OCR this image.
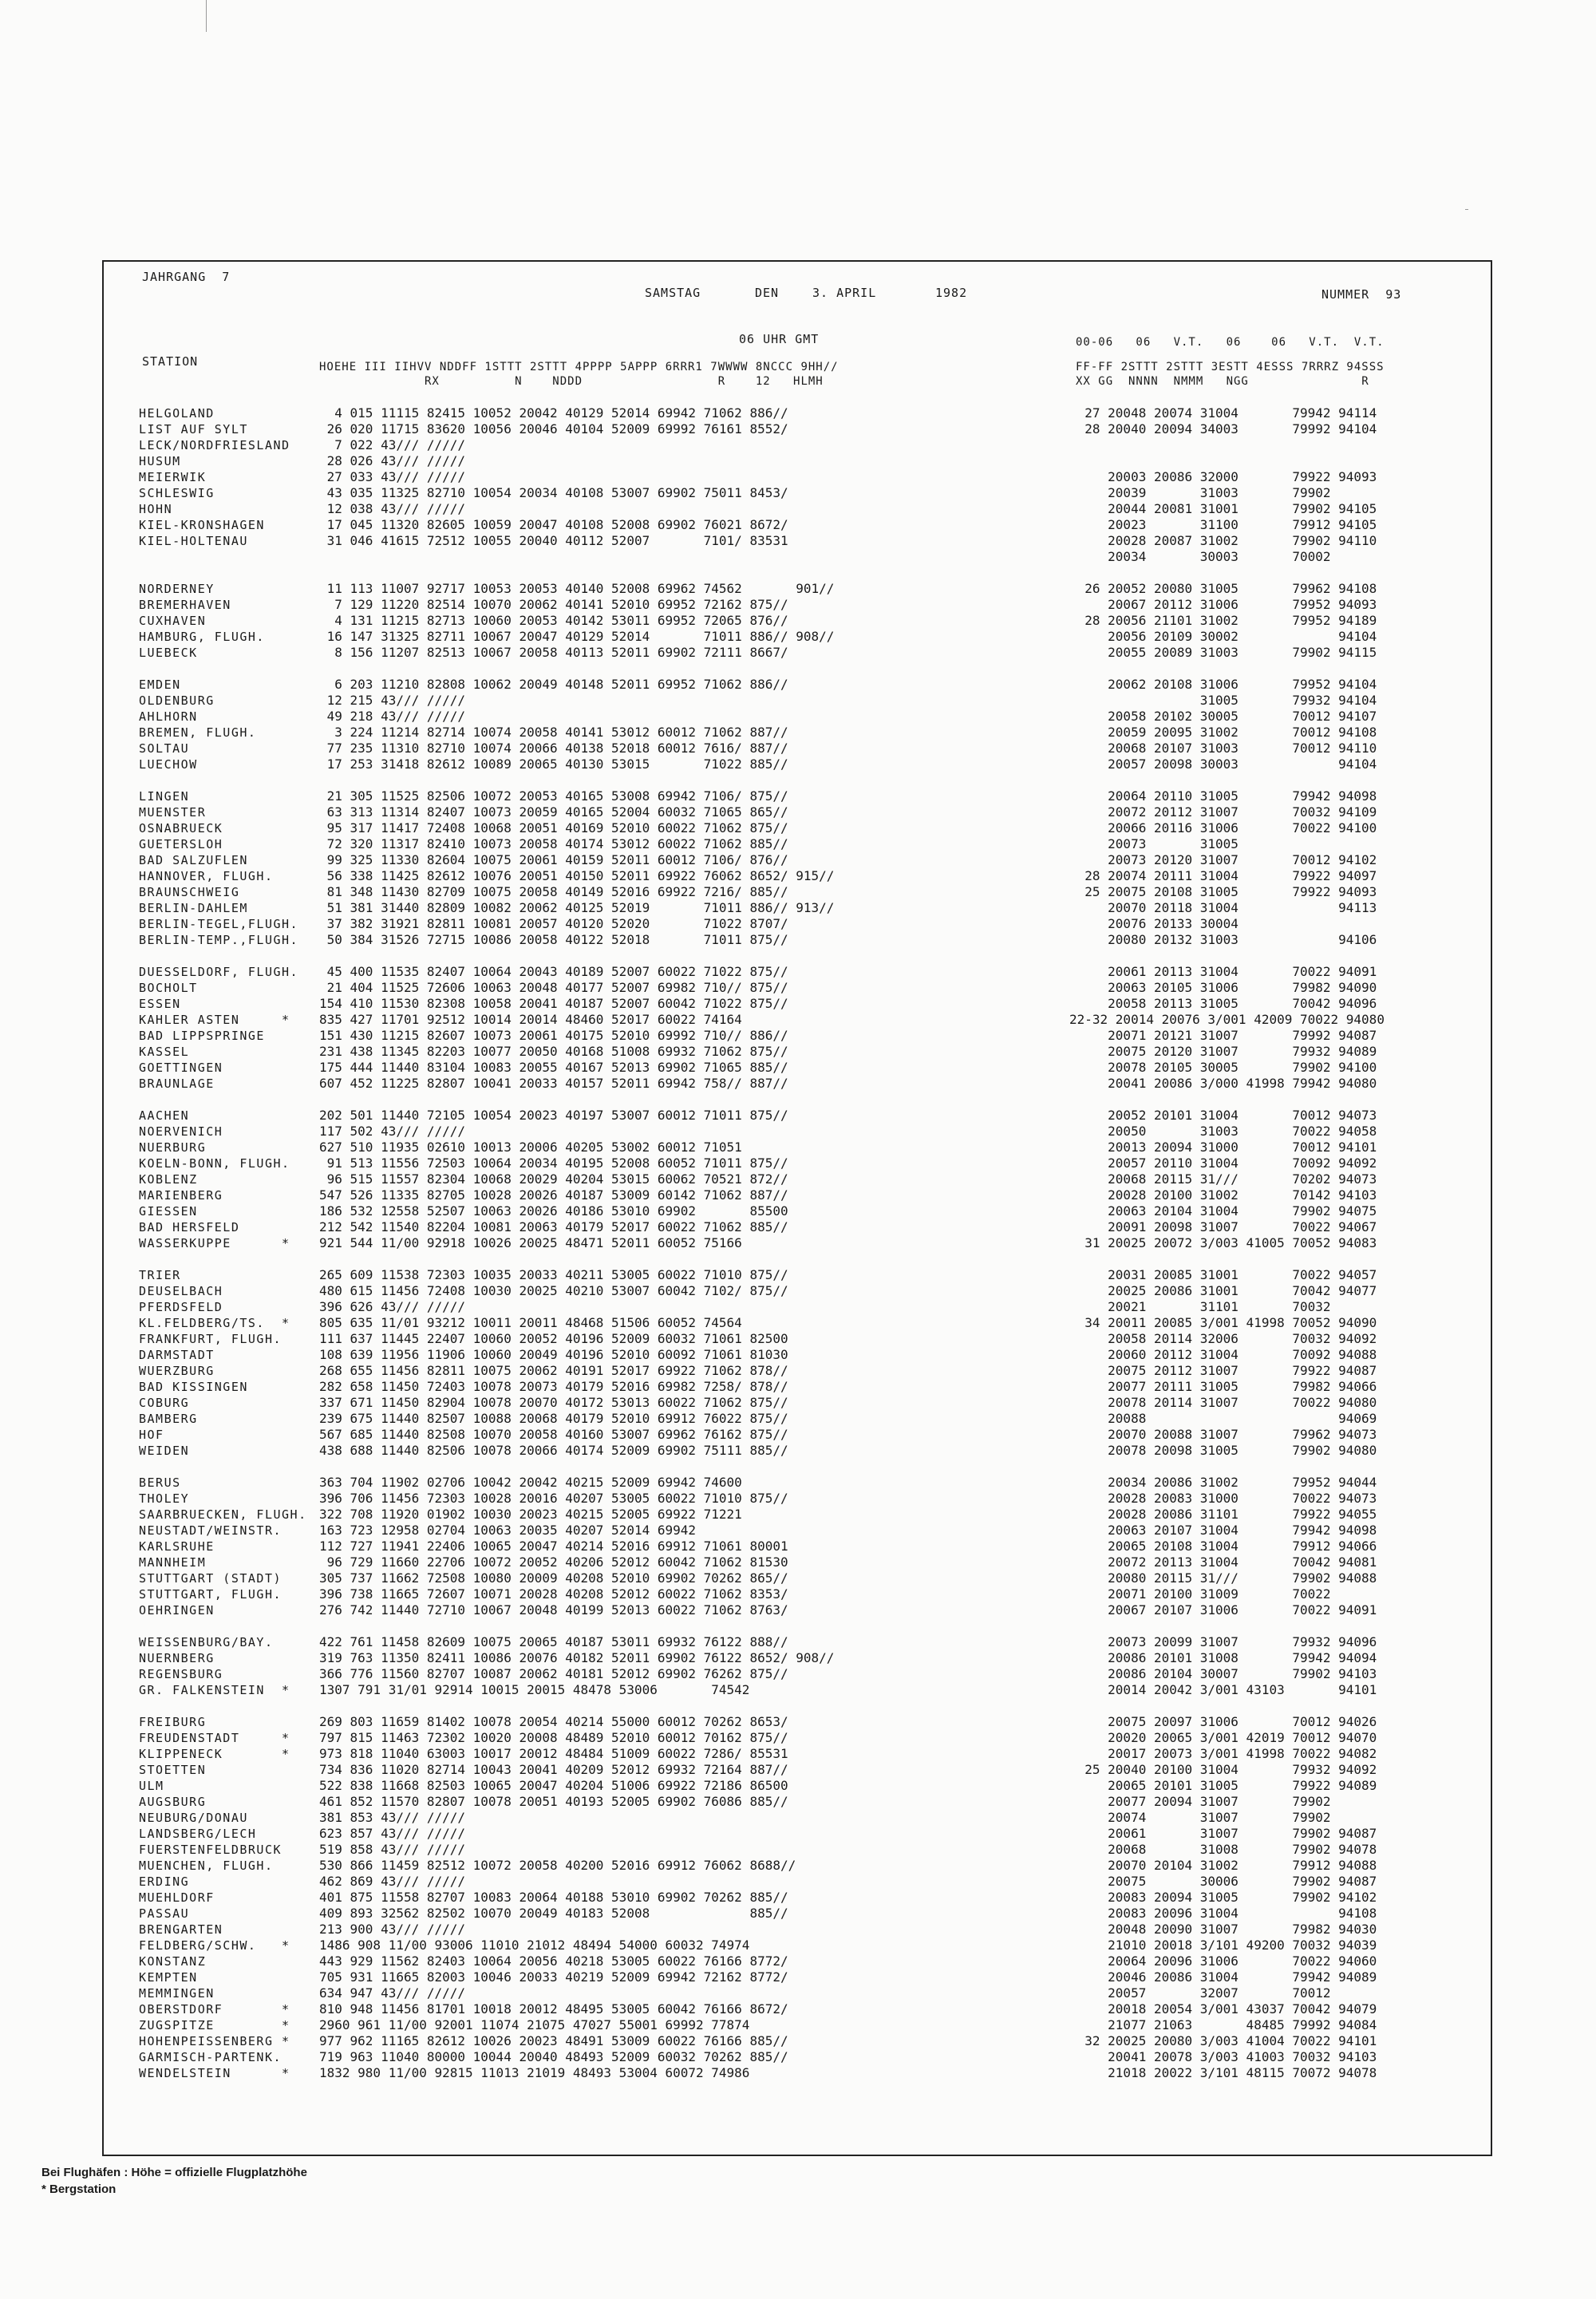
JAHRGANG  7
SAMSTAG	DEN	3. APRIL	1982	NUMMER  93
06 UHR GMT	00-06   06   V.T.   06    06   V.T.  V.T.
STATION	HOEHE III IIHVV NDDFF 1STTT 2STTT 4PPPP 5APPP 6RRR1 7WWWW 8NCCC 9HH//
RX          N    NDDD                  R    12   HLMH
FF-FF 2STTT 2STTT 3ESTT 4ESSS 7RRRZ 94SSS
XX GG  NNNN  NMMM   NGG               R
HELGOLAND	4 015 11115 82415 10052 20042 40129 52014 69942 71062 886//	27 20048 20074 31004       79942 94114
LIST AUF SYLT	26 020 11715 83620 10056 20046 40104 52009 69992 76161 8552/	28 20040 20094 34003       79992 94104
LECK/NORDFRIESLAND 7 022 43/// /////
HUSUM	28 026 43/// /////
MEIERWIK	27 033 43/// /////	20003 20086 32000       79922 94093
SCHLESWIG	43 035 11325 82710 10054 20034 40108 53007 69902 75011 8453/	20039       31003       79902
HOHN	12 038 43/// /////	20044 20081 31001       79902 94105
KIEL-KRONSHAGEN	17 045 11320 82605 10059 20047 40108 52008 69902 76021 8672/	20023       31100       79912 94105
KIEL-HOLTENAU	31 046 41615 72512 10055 20040 40112 52007       7101/ 83531	20028 20087 31002       79902 94110
20034       30003       70002
NORDERNEY	11 113 11007 92717 10053 20053 40140 52008 69962 74562       901//	26 20052 20080 31005       79962 94108
BREMERHAVEN	7 129 11220 82514 10070 20062 40141 52010 69952 72162 875//	20067 20112 31006       79952 94093
CUXHAVEN	4 131 11215 82713 10060 20053 40142 53011 69952 72065 876//	28 20056 21101 31002       79952 94189
HAMBURG, FLUGH.	16 147 31325 82711 10067 20047 40129 52014       71011 886// 908//	20056 20109 30002             94104
LUEBECK	8 156 11207 82513 10067 20058 40113 52011 69902 72111 8667/	20055 20089 31003       79902 94115
EMDEN	6 203 11210 82808 10062 20049 40148 52011 69952 71062 886//	20062 20108 31006       79952 94104
OLDENBURG	12 215 43/// /////	31005       79932 94104
AHLHORN	49 218 43/// /////	20058 20102 30005       70012 94107
BREMEN, FLUGH.	3 224 11214 82714 10074 20058 40141 53012 60012 71062 887//	20059 20095 31002       70012 94108
SOLTAU	77 235 11310 82710 10074 20066 40138 52018 60012 7616/ 887//	20068 20107 31003       70012 94110
LUECHOW	17 253 31418 82612 10089 20065 40130 53015       71022 885//	20057 20098 30003             94104
LINGEN	21 305 11525 82506 10072 20053 40165 53008 69942 7106/ 875//	20064 20110 31005       79942 94098
MUENSTER	63 313 11314 82407 10073 20059 40165 52004 60032 71065 865//	20072 20112 31007       70032 94109
OSNABRUECK	95 317 11417 72408 10068 20051 40169 52010 60022 71062 875//	20066 20116 31006       70022 94100
GUETERSLOH	72 320 11317 82410 10073 20058 40174 53012 60022 71062 885//	20073       31005
BAD SALZUFLEN	99 325 11330 82604 10075 20061 40159 52011 60012 7106/ 876//	20073 20120 31007       70012 94102
HANNOVER, FLUGH.	56 338 11425 82612 10076 20051 40150 52011 69922 76062 8652/ 915//	28 20074 20111 31004       79922 94097
BRAUNSCHWEIG	81 348 11430 82709 10075 20058 40149 52016 69922 7216/ 885//	25 20075 20108 31005       79922 94093
BERLIN-DAHLEM	51 381 31440 82809 10082 20062 40125 52019       71011 886// 913//	20070 20118 31004             94113
BERLIN-TEGEL,FLUGH. 37 382 31921 82811 10081 20057 40120 52020       71022 8707/	20076 20133 30004
BERLIN-TEMP.,FLUGH. 50 384 31526 72715 10086 20058 40122 52018       71011 875//	20080 20132 31003             94106
DUESSELDORF, FLUGH. 45 400 11535 82407 10064 20043 40189 52007 60022 71022 875//	20061 20113 31004       70022 94091
BOCHOLT	21 404 11525 72606 10063 20048 40177 52007 69982 710// 875//	20063 20105 31006       79982 94090
ESSEN	154 410 11530 82308 10058 20041 40187 52007 60042 71022 875//	20058 20113 31005       70042 94096
KAHLER ASTEN     * 835 427 11701 92512 10014 20014 48460 52017 60022 74164	22-32 20014 20076 3/001 42009 70022 94080
BAD LIPPSPRINGE	151 430 11215 82607 10073 20061 40175 52010 69992 710// 886//	20071 20121 31007       79992 94087
KASSEL	231 438 11345 82203 10077 20050 40168 51008 69932 71062 875//	20075 20120 31007       79932 94089
GOETTINGEN	175 444 11440 83104 10083 20055 40167 52013 69902 71065 885//	20078 20105 30005       79902 94100
BRAUNLAGE	607 452 11225 82807 10041 20033 40157 52011 69942 758// 887//	20041 20086 3/000 41998 79942 94080
AACHEN	202 501 11440 72105 10054 20023 40197 53007 60012 71011 875//	20052 20101 31004       70012 94073
NOERVENICH	117 502 43/// /////	20050       31003       70022 94058
NUERBURG	627 510 11935 02610 10013 20006 40205 53002 60012 71051	20013 20094 31000       70012 94101
KOELN-BONN, FLUGH. 91 513 11556 72503 10064 20034 40195 52008 60052 71011 875//	20057 20110 31004       70092 94092
KOBLENZ	96 515 11557 82304 10068 20029 40204 53015 60062 70521 872//	20068 20115 31///       70202 94073
MARIENBERG	547 526 11335 82705 10028 20026 40187 53009 60142 71062 887//	20028 20100 31002       70142 94103
GIESSEN	186 532 12558 52507 10063 20026 40186 53010 69902       85500	20063 20104 31004       79902 94075
BAD HERSFELD	212 542 11540 82204 10081 20063 40179 52017 60022 71062 885//	20091 20098 31007       70022 94067
WASSERKUPPE      * 921 544 11/00 92918 10026 20025 48471 52011 60052 75166	31 20025 20072 3/003 41005 70052 94083
TRIER	265 609 11538 72303 10035 20033 40211 53005 60022 71010 875//	20031 20085 31001       70022 94057
DEUSELBACH	480 615 11456 72408 10030 20025 40210 53007 60042 7102/ 875//	20025 20086 31001       70042 94077
PFERDSFELD	396 626 43/// /////	20021       31101       70032
KL.FELDBERG/TS.  * 805 635 11/01 93212 10011 20011 48468 51506 60052 74564	34 20011 20085 3/001 41998 70052 94090
FRANKFURT, FLUGH.	111 637 11445 22407 10060 20052 40196 52009 60032 71061 82500	20058 20114 32006       70032 94092
DARMSTADT	108 639 11956 11906 10060 20049 40196 52010 60092 71061 81030	20060 20112 31004       70092 94088
WUERZBURG	268 655 11456 82811 10075 20062 40191 52017 69922 71062 878//	20075 20112 31007       79922 94087
BAD KISSINGEN	282 658 11450 72403 10078 20073 40179 52016 69982 7258/ 878//	20077 20111 31005       79982 94066
COBURG	337 671 11450 82904 10078 20070 40172 53013 60022 71062 875//	20078 20114 31007       70022 94080
BAMBERG	239 675 11440 82507 10088 20068 40179 52010 69912 76022 875//	20088                         94069
HOF	567 685 11440 82508 10070 20058 40160 53007 69962 76162 875//	20070 20088 31007       79962 94073
WEIDEN	438 688 11440 82506 10078 20066 40174 52009 69902 75111 885//	20078 20098 31005       79902 94080
BERUS	363 704 11902 02706 10042 20042 40215 52009 69942 74600	20034 20086 31002       79952 94044
THOLEY	396 706 11456 72303 10028 20016 40207 53005 60022 71010 875//	20028 20083 31000       70022 94073
SAARBRUECKEN, FLUGH. 322 708 11920 01902 10030 20023 40215 52005 69922 71221	20028 20086 31101       79922 94055
NEUSTADT/WEINSTR.	163 723 12958 02704 10063 20035 40207 52014 69942	20063 20107 31004       79942 94098
KARLSRUHE	112 727 11941 22406 10065 20047 40214 52016 69912 71061 80001	20065 20108 31004       79912 94066
MANNHEIM	96 729 11660 22706 10072 20052 40206 52012 60042 71062 81530	20072 20113 31004       70042 94081
STUTTGART (STADT)	305 737 11662 72508 10080 20009 40208 52010 69902 70262 865//	20080 20115 31///       79902 94088
STUTTGART, FLUGH.	396 738 11665 72607 10071 20028 40208 52012 60022 71062 8353/	20071 20100 31009       70022
OEHRINGEN	276 742 11440 72710 10067 20048 40199 52013 60022 71062 8763/	20067 20107 31006       70022 94091
WEISSENBURG/BAY.	422 761 11458 82609 10075 20065 40187 53011 69932 76122 888//	20073 20099 31007       79932 94096
NUERNBERG	319 763 11350 82411 10086 20076 40182 52011 69902 76122 8652/ 908//	20086 20101 31008       79942 94094
REGENSBURG	366 776 11560 82707 10087 20062 40181 52012 69902 76262 875//	20086 20104 30007       79902 94103
GR. FALKENSTEIN  * 1307 791 31/01 92914 10015 20015 48478 53006       74542	20014 20042 3/001 43103       94101
FREIBURG	269 803 11659 81402 10078 20054 40214 55000 60012 70262 8653/	20075 20097 31006       70012 94026
FREUDENSTADT     * 797 815 11463 72302 10020 20008 48489 52010 60012 70162 875//	20020 20065 3/001 42019 70012 94070
KLIPPENECK       * 973 818 11040 63003 10017 20012 48484 51009 60022 7286/ 85531	20017 20073 3/001 41998 70022 94082
STOETTEN	734 836 11020 82714 10043 20041 40209 52012 69932 72164 887//	25 20040 20100 31004       79932 94092
ULM	522 838 11668 82503 10065 20047 40204 51006 69922 72186 86500	20065 20101 31005       79922 94089
AUGSBURG	461 852 11570 82807 10078 20051 40193 52005 69902 76086 885//	20077 20094 31007       79902
NEUBURG/DONAU	381 853 43/// /////	20074       31007       79902
LANDSBERG/LECH	623 857 43/// /////	20061       31007       79902 94087
FUERSTENFELDBRUCK	519 858 43/// /////	20068       31008       79902 94078
MUENCHEN, FLUGH.	530 866 11459 82512 10072 20058 40200 52016 69912 76062 8688//	20070 20104 31002       79912 94088
ERDING	462 869 43/// /////	20075       30006       79902 94087
MUEHLDORF	401 875 11558 82707 10083 20064 40188 53010 69902 70262 885//	20083 20094 31005       79902 94102
PASSAU	409 893 32562 82502 10070 20049 40183 52008             885//	20083 20096 31004             94108
BRENGARTEN	213 900 43/// /////	20048 20090 31007       79982 94030
FELDBERG/SCHW.   * 1486 908 11/00 93006 11010 21012 48494 54000 60032 74974	21010 20018 3/101 49200 70032 94039
KONSTANZ	443 929 11562 82403 10064 20056 40218 53005 60022 76166 8772/	20064 20096 31006       70022 94060
KEMPTEN	705 931 11665 82003 10046 20033 40219 52009 69942 72162 8772/	20046 20086 31004       79942 94089
MEMMINGEN	634 947 43/// /////	20057       32007       70012
OBERSTDORF       * 810 948 11456 81701 10018 20012 48495 53005 60042 76166 8672/	20018 20054 3/001 43037 70042 94079
ZUGSPITZE        * 2960 961 11/00 92001 11074 21075 47027 55001 69992 77874	21077 21063       48485 79992 94084
HOHENPEISSENBERG * 977 962 11165 82612 10026 20023 48491 53009 60022 76166 885//	32 20025 20080 3/003 41004 70022 94101
GARMISCH-PARTENK.	719 963 11040 80000 10044 20040 48493 52009 60032 70262 885//	20041 20078 3/003 41003 70032 94103
WENDELSTEIN      * 1832 980 11/00 92815 11013 21019 48493 53004 60072 74986	21018 20022 3/101 48115 70072 94078
Bei Flughäfen : Höhe = offizielle Flugplatzhöhe
* Bergstation
